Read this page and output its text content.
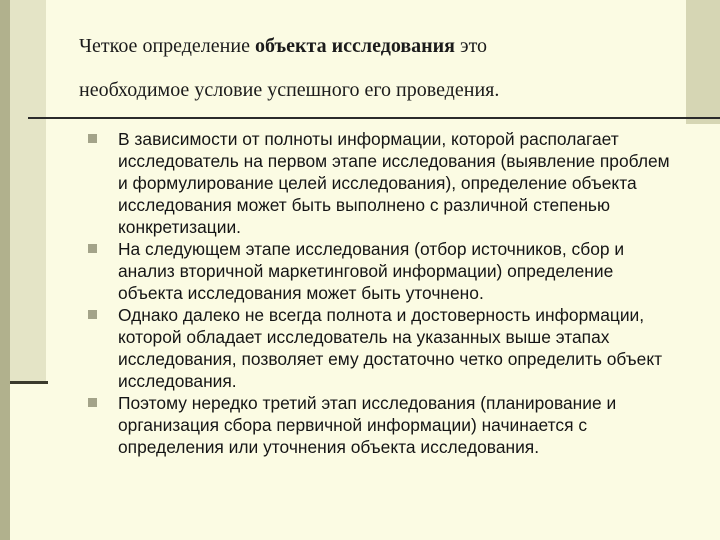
Четкое определение объекта исследования это
необходимое условие успешного его проведения.
В зависимости от полноты информации, которой располагает исследователь на первом этапе исследования (выявление проблем и формулирование целей исследования), определение объекта исследования может быть выполнено с различной степенью конкретизации.
На следующем этапе исследования (отбор источников, сбор и анализ вторичной маркетинговой информации) определение объекта исследования может быть уточнено.
Однако далеко не всегда полнота и достоверность информации, которой обладает исследователь на указанных выше этапах исследования, позволяет ему достаточно четко определить объект исследования.
Поэтому нередко третий этап исследования (планирование и организация сбора первичной информации) начинается с определения или уточнения объекта исследования.
